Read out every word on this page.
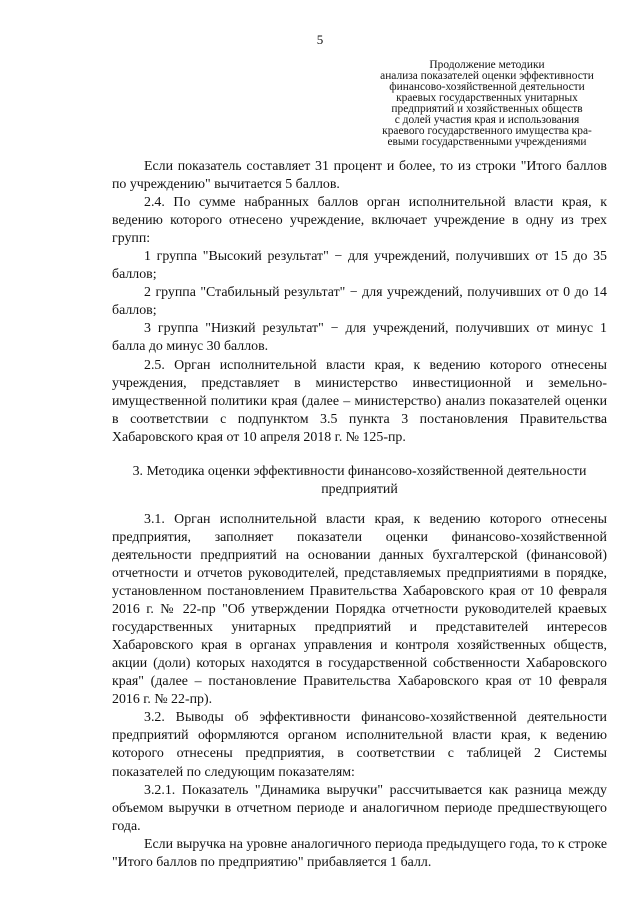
5
Продолжение методики
анализа показателей оценки эффективности
финансово-хозяйственной деятельности
краевых государственных унитарных
предприятий и хозяйственных обществ
с долей участия края и использования
краевого государственного имущества кра-
евыми государственными учреждениями

Если показатель составляет 31 процент и более, то из строки "Итого баллов по учреждению" вычитается 5 баллов.

2.4. По сумме набранных баллов орган исполнительной власти края, к ведению которого отнесено учреждение, включает учреждение в одну из трех групп:

1 группа "Высокий результат" − для учреждений, получивших от 15 до 35 баллов;

2 группа "Стабильный результат" − для учреждений, получивших от 0 до 14 баллов;

3 группа "Низкий результат" − для учреждений, получивших от минус 1 балла до минус 30 баллов.

2.5. Орган исполнительной власти края, к ведению которого отнесены учреждения, представляет в министерство инвестиционной и земельно-имущественной политики края (далее – министерство) анализ показателей оценки в соответствии с подпунктом 3.5 пункта 3 постановления Правительства Хабаровского края от 10 апреля 2018 г. № 125-пр.

3. Методика оценки эффективности финансово-хозяйственной деятельности предприятий

3.1. Орган исполнительной власти края, к ведению которого отнесены предприятия, заполняет показатели оценки финансово-хозяйственной деятельности предприятий на основании данных бухгалтерской (финансовой) отчетности и отчетов руководителей, представляемых предприятиями в порядке, установленном постановлением Правительства Хабаровского края от 10 февраля 2016 г. № 22-пр "Об утверждении Порядка отчетности руководителей краевых государственных унитарных предприятий и представителей интересов Хабаровского края в органах управления и контроля хозяйственных обществ, акции (доли) которых находятся в государственной собственности Хабаровского края" (далее – постановление Правительства Хабаровского края от 10 февраля 2016 г. № 22-пр).

3.2. Выводы об эффективности финансово-хозяйственной деятельности предприятий оформляются органом исполнительной власти края, к ведению которого отнесены предприятия, в соответствии с таблицей 2 Системы показателей по следующим показателям:

3.2.1. Показатель "Динамика выручки" рассчитывается как разница между объемом выручки в отчетном периоде и аналогичном периоде предшествующего года.

Если выручка на уровне аналогичного периода предыдущего года, то к строке "Итого баллов по предприятию" прибавляется 1 балл.
